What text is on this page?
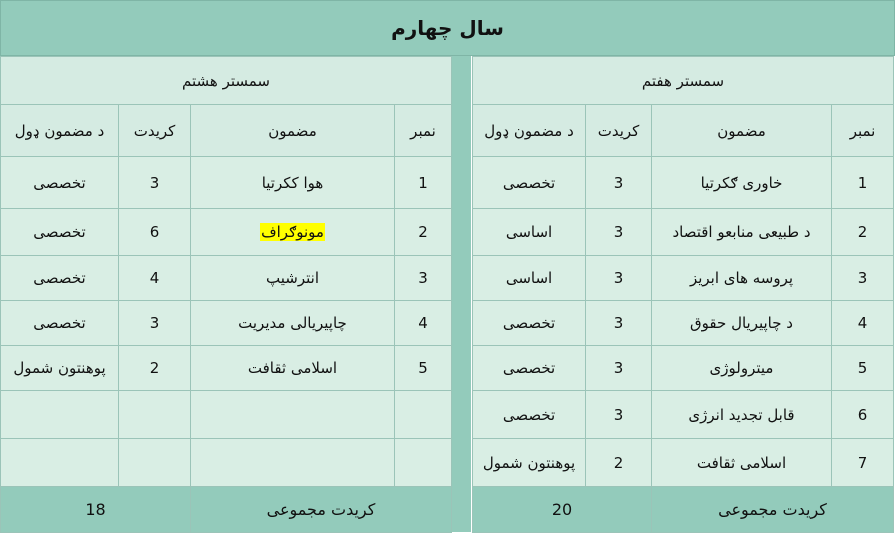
سال چهارم
سمستر هفتم			
نمبر	مضمون	کریدت	د مضمون ډول
1	خاوری ګکرتیا	3	تخصصی
2	د طبیعی منابعو اقتصاد	3	اساسی
3	پروسه های ابریز	3	اساسی
4	د چاپیریال حقوق	3	تخصصی
5	میترولوژی	3	تخصصی
6	قابل تجدید انرژی	3	تخصصی
7	اسلامی ثقافت	2	پوهنتون شمول
کریدت مجموعی		20	
سمستر هشتم			
نمبر	مضمون	کریدت	د مضمون ډول
1	هوا ککرتیا	3	تخصصی
2	مونوګراف	6	تخصصی
3	انترشیپ	4	تخصصی
4	چاپیریالی مدیریت	3	تخصصی
5	اسلامی ثقافت	2	پوهنتون شمول

کریدت مجموعی		18	
